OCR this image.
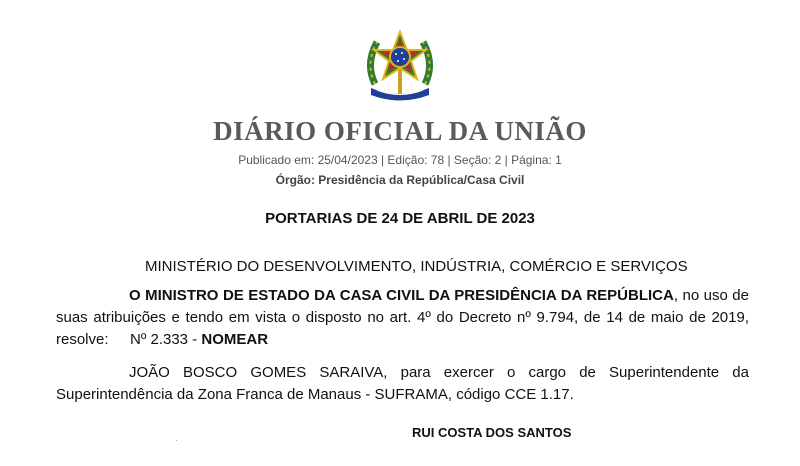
DIÁRIO OFICIAL DA UNIÃO
Publicado em: 25/04/2023 | Edição: 78 | Seção: 2 | Página: 1
Órgão: Presidência da República/Casa Civil
PORTARIAS DE 24 DE ABRIL DE 2023
MINISTÉRIO DO DESENVOLVIMENTO, INDÚSTRIA, COMÉRCIO E SERVIÇOS
O MINISTRO DE ESTADO DA CASA CIVIL DA PRESIDÊNCIA DA REPÚBLICA, no uso de suas atribuições e tendo em vista o disposto no art. 4º do Decreto nº 9.794, de 14 de maio de 2019, resolve:	Nº 2.333 - NOMEAR
JOÃO BOSCO GOMES SARAIVA, para exercer o cargo de Superintendente da Superintendência da Zona Franca de Manaus - SUFRAMA, código CCE 1.17.
RUI COSTA DOS SANTOS
